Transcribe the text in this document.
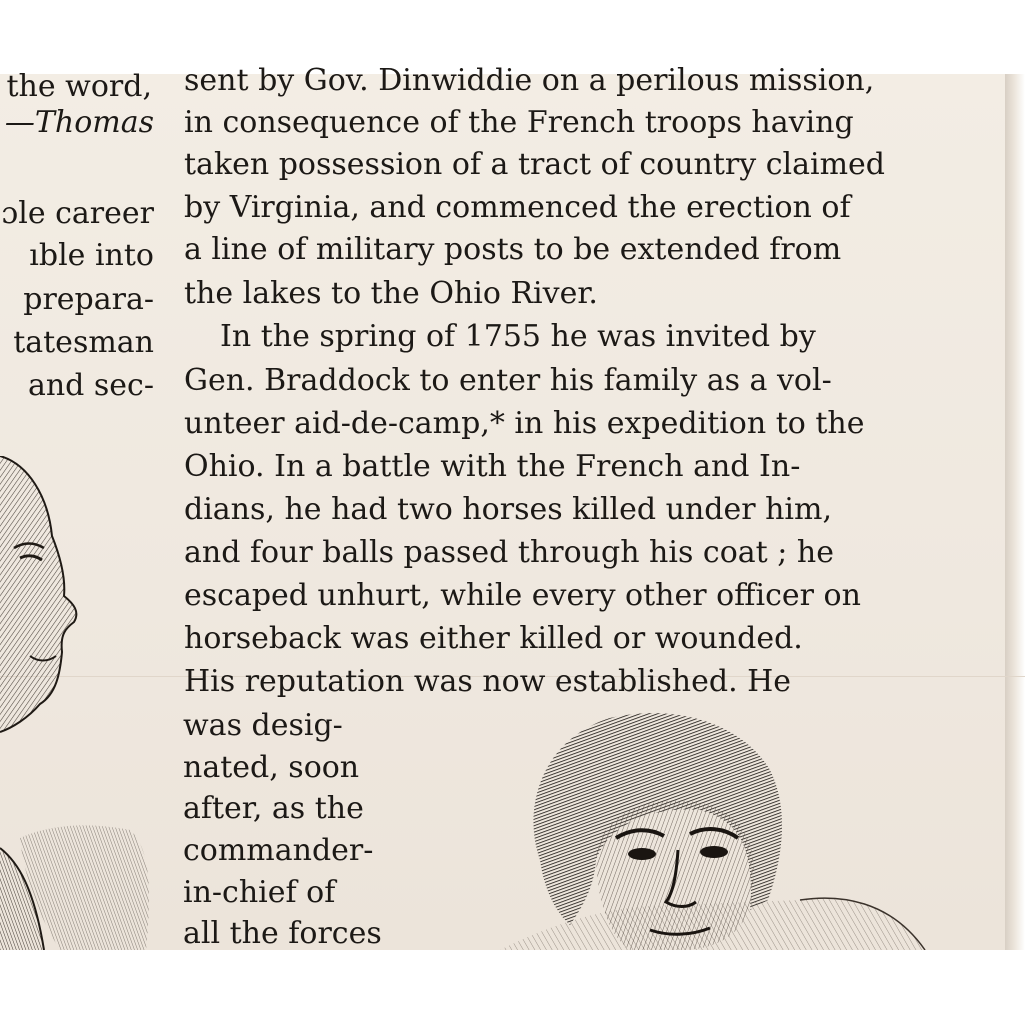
the word,

—Thomas

ɔle career

ıble into

prepara-

tatesman

and sec-

sent by Gov. Dinwiddie on a perilous mission,

in consequence of the French troops having

taken possession of a tract of country claimed

by Virginia, and commenced the erection of

a line of military posts to be extended from

the lakes to the Ohio River.

In the spring of 1755 he was invited by

Gen. Braddock to enter his family as a vol-

unteer aid-de-camp,* in his expedition to the

Ohio. In a battle with the French and In-

dians, he had two horses killed under him,

and four balls passed through his coat ; he

escaped unhurt, while every other officer on

horseback was either killed or wounded.

His reputation was now established. He

was desig-

nated, soon

after, as the

commander-

in-chief of

all the forces
